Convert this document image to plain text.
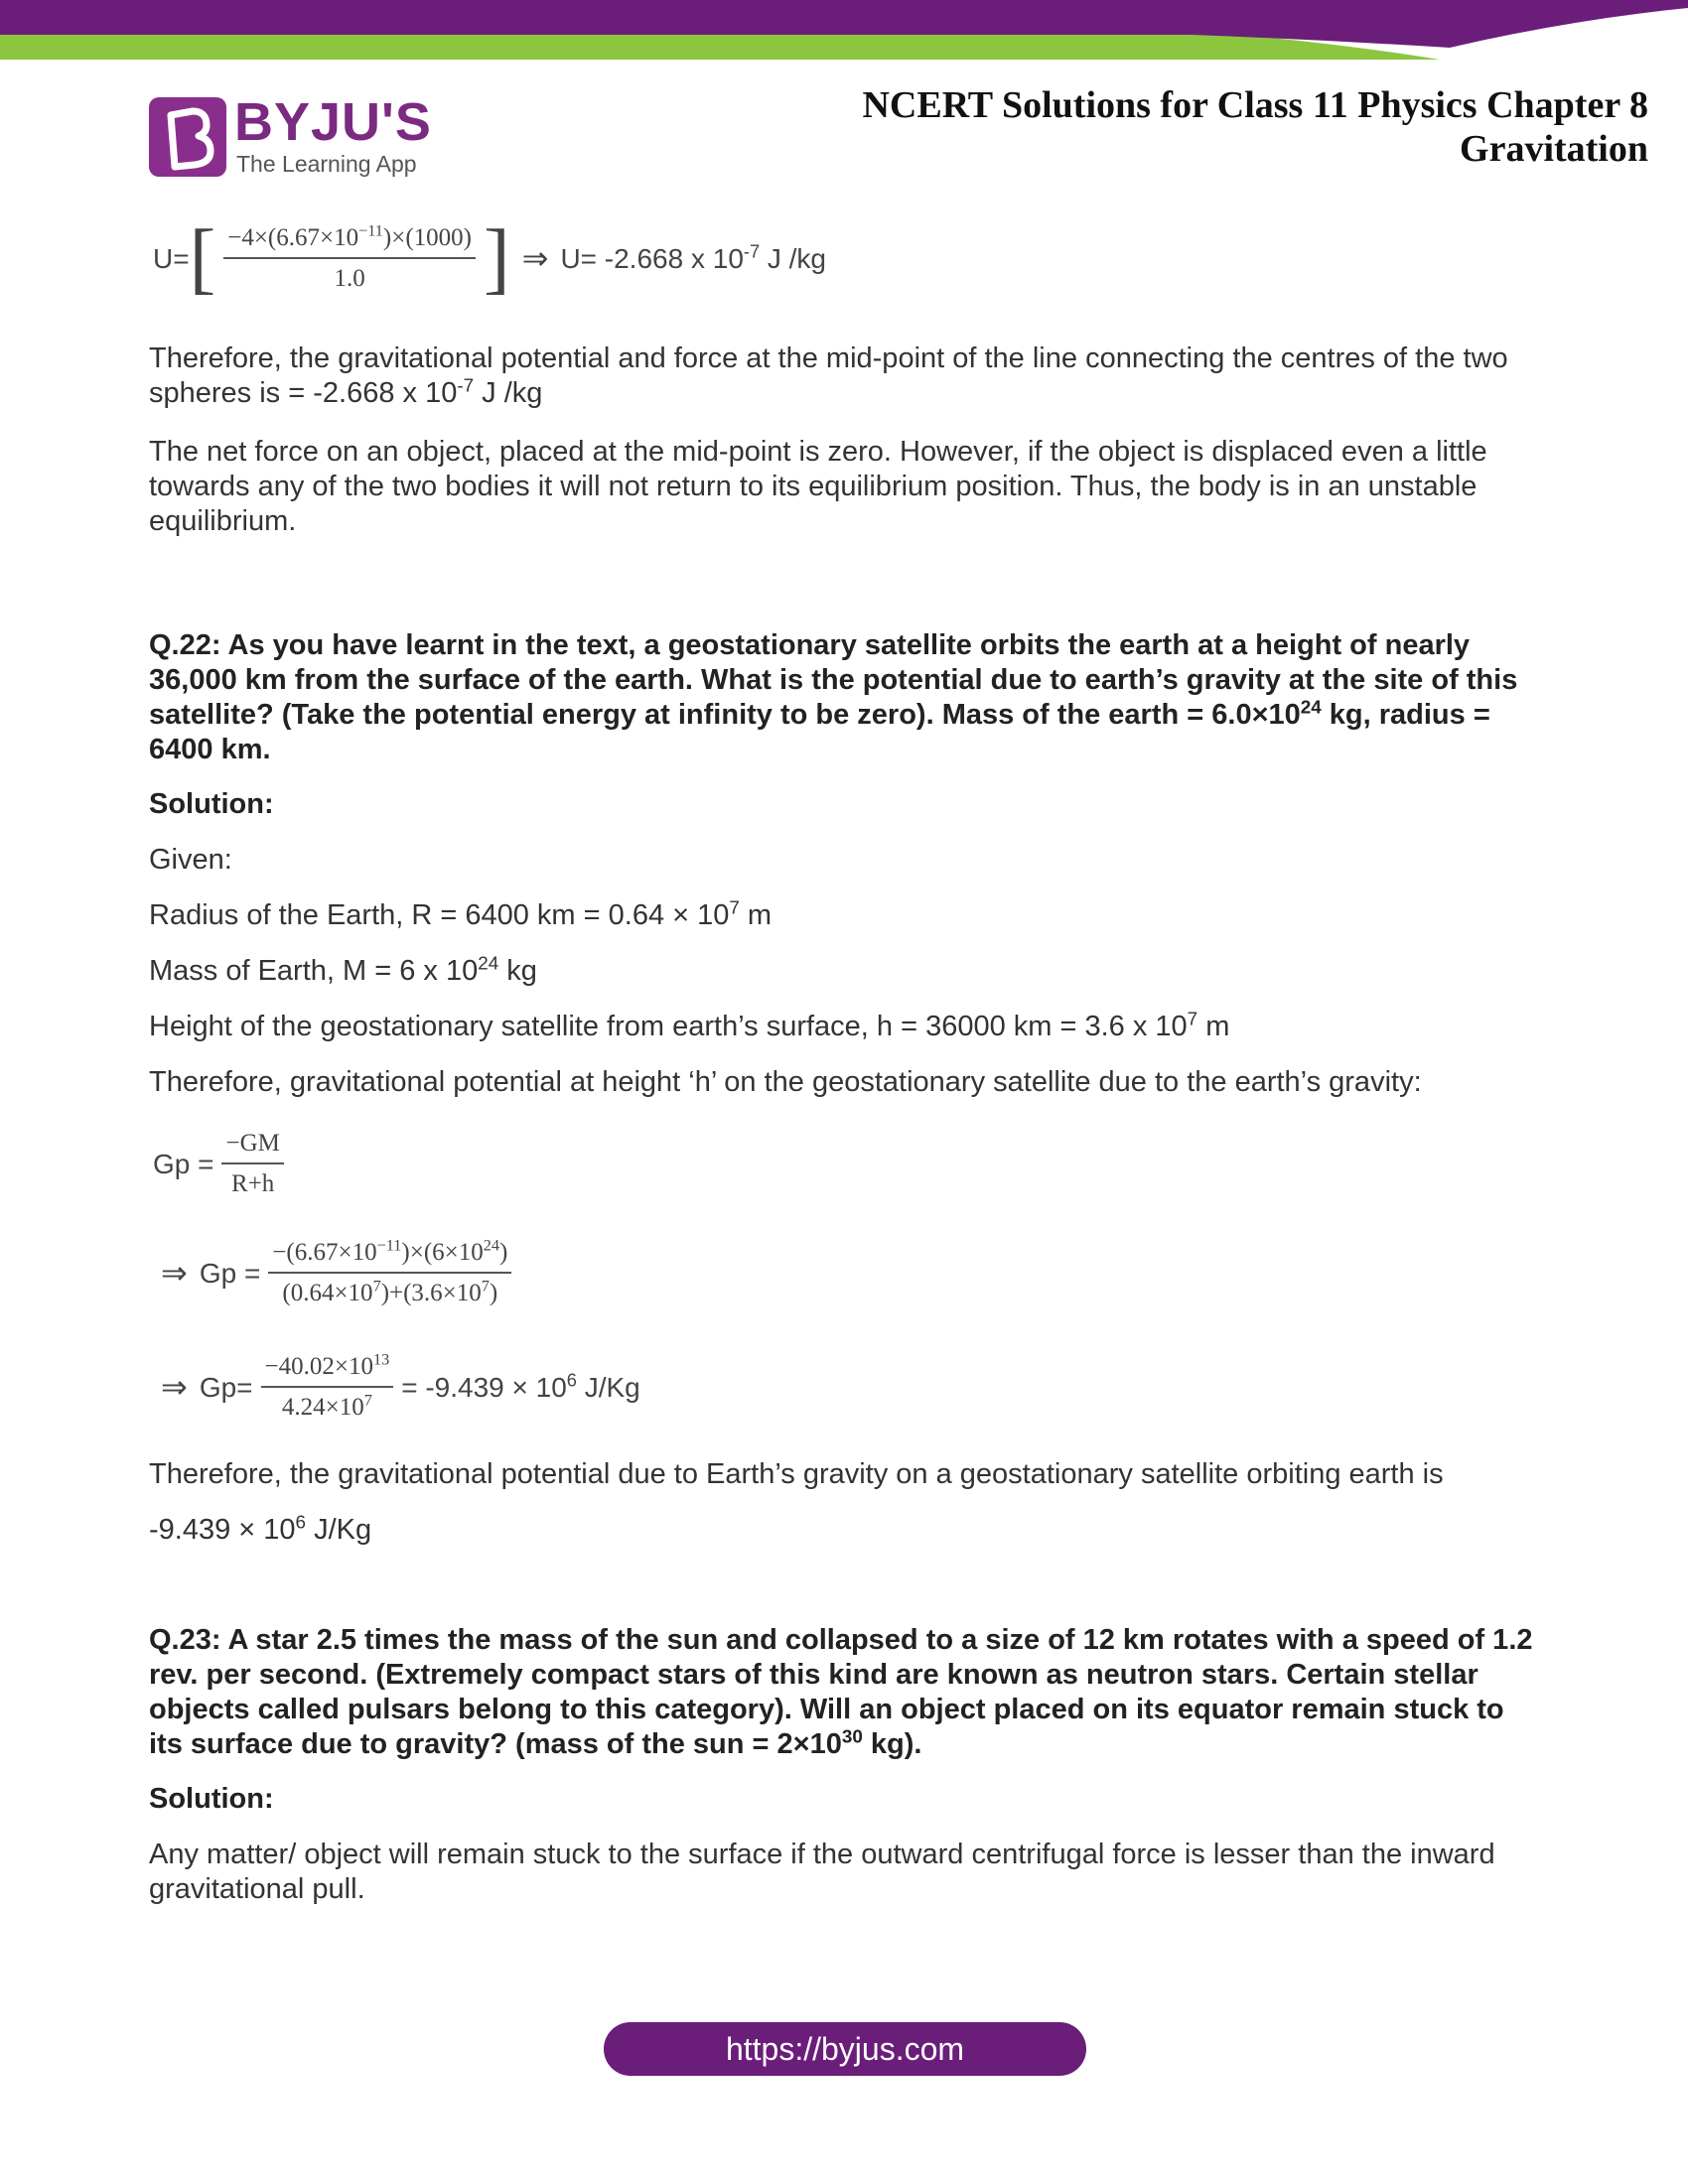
BYJU'S
The Learning App
NCERT Solutions for Class 11 Physics Chapter 8
Gravitation
U= [ $\frac{-4\times(6.67\times 10^{-11})\times(1000)}{1.0}$ ] ⇒ U= -2.668 x $10^{-7}$ J /kg

Therefore, the gravitational potential and force at the mid-point of the line connecting the centres of the two spheres is = -2.668 x $10^{-7}$ J /kg

The net force on an object, placed at the mid-point is zero. However, if the object is displaced even a little towards any of the two bodies it will not return to its equilibrium position. Thus, the body is in an unstable equilibrium.

Q.22: As you have learnt in the text, a geostationary satellite orbits the earth at a height of nearly 36,000 km from the surface of the earth. What is the potential due to earth’s gravity at the site of this satellite? (Take the potential energy at infinity to be zero). Mass of the earth = $6.0\times 10^{24}$ kg, radius = 6400 km.

Solution:

Given:

Radius of the Earth, R = 6400 km = $0.64 \times 10^7$ m

Mass of Earth, M = 6 x $10^{24}$ kg

Height of the geostationary satellite from earth’s surface, h = 36000 km = 3.6 x $10^7$ m

Therefore, gravitational potential at height ‘h’ on the geostationary satellite due to the earth’s gravity:

$Gp = \frac{-GM}{R+h}$
⇒ $Gp = \frac{-(6.67\times 10^{-11})\times(6\times 10^{24})}{(0.64\times 10^7)+(3.6\times 10^7)}$
⇒ $Gp= \frac{-40.02\times 10^{13}}{4.24\times 10^7} = -9.439 \times 10^6$ J/Kg

Therefore, the gravitational potential due to Earth’s gravity on a geostationary satellite orbiting earth is

$-9.439 \times 10^6$ J/Kg

Q.23: A star 2.5 times the mass of the sun and collapsed to a size of 12 km rotates with a speed of 1.2 rev. per second. (Extremely compact stars of this kind are known as neutron stars. Certain stellar objects called pulsars belong to this category). Will an object placed on its equator remain stuck to its surface due to gravity? (mass of the sun = $2\times 10^{30}$ kg).

Solution:

Any matter/ object will remain stuck to the surface if the outward centrifugal force is lesser than the inward gravitational pull.

https://byjus.com
